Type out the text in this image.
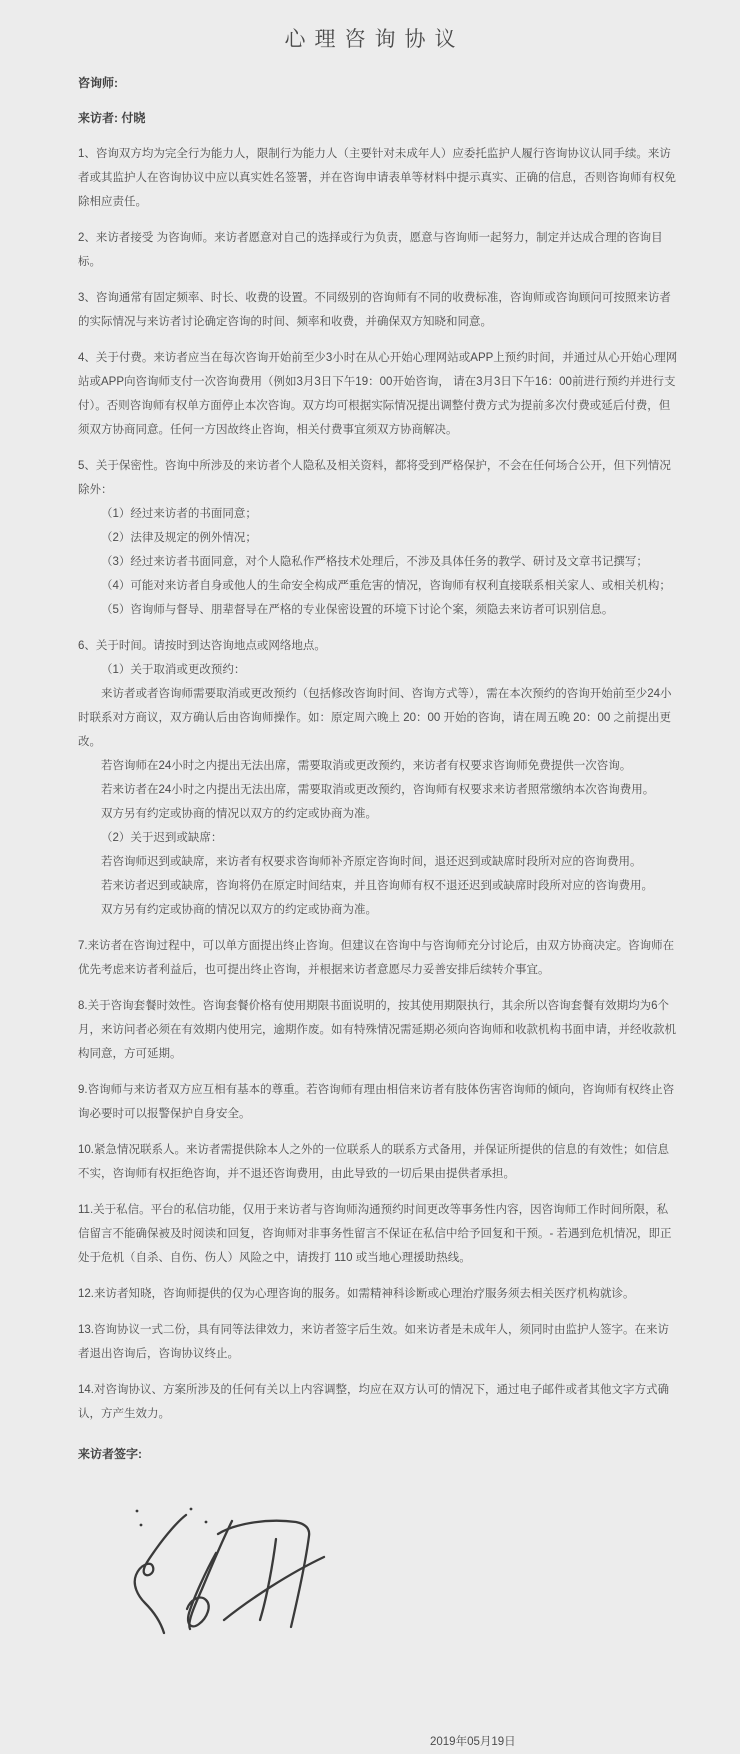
心理咨询协议

咨询师:

来访者: 付晓

1、咨询双方均为完全行为能力人，限制行为能力人（主要针对未成年人）应委托监护人履行咨询协议认同手续。来访者或其监护人在咨询协议中应以真实姓名签署，并在咨询申请表单等材料中提示真实、正确的信息，否则咨询师有权免除相应责任。

2、来访者接受 为咨询师。来访者愿意对自己的选择或行为负责，愿意与咨询师一起努力，制定并达成合理的咨询目标。

3、咨询通常有固定频率、时长、收费的设置。不同级别的咨询师有不同的收费标准，咨询师或咨询顾问可按照来访者的实际情况与来访者讨论确定咨询的时间、频率和收费，并确保双方知晓和同意。

4、关于付费。来访者应当在每次咨询开始前至少3小时在从心开始心理网站或APP上预约时间，并通过从心开始心理网站或APP向咨询师支付一次咨询费用（例如3月3日下午19：00开始咨询， 请在3月3日下午16：00前进行预约并进行支付）。否则咨询师有权单方面停止本次咨询。双方均可根据实际情况提出调整付费方式为提前多次付费或延后付费，但须双方协商同意。任何一方因故终止咨询，相关付费事宜须双方协商解决。

5、关于保密性。咨询中所涉及的来访者个人隐私及相关资料，都将受到严格保护，不会在任何场合公开，但下列情况除外：

（1）经过来访者的书面同意；

（2）法律及规定的例外情况；

（3）经过来访者书面同意，对个人隐私作严格技术处理后，不涉及具体任务的教学、研讨及文章书记撰写；

（4）可能对来访者自身或他人的生命安全构成严重危害的情况，咨询师有权利直接联系相关家人、或相关机构；

（5）咨询师与督导、朋辈督导在严格的专业保密设置的环境下讨论个案，须隐去来访者可识别信息。

6、关于时间。请按时到达咨询地点或网络地点。

（1）关于取消或更改预约：

来访者或者咨询师需要取消或更改预约（包括修改咨询时间、咨询方式等），需在本次预约的咨询开始前至少24小时联系对方商议，双方确认后由咨询师操作。如：原定周六晚上 20：00 开始的咨询，请在周五晚 20：00 之前提出更改。

若咨询师在24小时之内提出无法出席，需要取消或更改预约，来访者有权要求咨询师免费提供一次咨询。

若来访者在24小时之内提出无法出席，需要取消或更改预约，咨询师有权要求来访者照常缴纳本次咨询费用。

双方另有约定或协商的情况以双方的约定或协商为准。

（2）关于迟到或缺席：

若咨询师迟到或缺席，来访者有权要求咨询师补齐原定咨询时间，退还迟到或缺席时段所对应的咨询费用。

若来访者迟到或缺席，咨询将仍在原定时间结束，并且咨询师有权不退还迟到或缺席时段所对应的咨询费用。

双方另有约定或协商的情况以双方的约定或协商为准。

7.来访者在咨询过程中，可以单方面提出终止咨询。但建议在咨询中与咨询师充分讨论后，由双方协商决定。咨询师在优先考虑来访者利益后，也可提出终止咨询，并根据来访者意愿尽力妥善安排后续转介事宜。

8.关于咨询套餐时效性。咨询套餐价格有使用期限书面说明的，按其使用期限执行，其余所以咨询套餐有效期均为6个月，来访问者必须在有效期内使用完，逾期作废。如有特殊情况需延期必须向咨询师和收款机构书面申请，并经收款机构同意，方可延期。

9.咨询师与来访者双方应互相有基本的尊重。若咨询师有理由相信来访者有肢体伤害咨询师的倾向，咨询师有权终止咨询必要时可以报警保护自身安全。

10.紧急情况联系人。来访者需提供除本人之外的一位联系人的联系方式备用，并保证所提供的信息的有效性；如信息不实，咨询师有权拒绝咨询，并不退还咨询费用，由此导致的一切后果由提供者承担。

11.关于私信。平台的私信功能，仅用于来访者与咨询师沟通预约时间更改等事务性内容，因咨询师工作时间所限，私信留言不能确保被及时阅读和回复，咨询师对非事务性留言不保证在私信中给予回复和干预。- 若遇到危机情况，即正处于危机（自杀、自伤、伤人）风险之中，请拨打 110 或当地心理援助热线。

12.来访者知晓，咨询师提供的仅为心理咨询的服务。如需精神科诊断或心理治疗服务须去相关医疗机构就诊。

13.咨询协议一式二份，具有同等法律效力，来访者签字后生效。如来访者是未成年人，须同时由监护人签字。在来访者退出咨询后，咨询协议终止。

14.对咨询协议、方案所涉及的任何有关以上内容调整，均应在双方认可的情况下，通过电子邮件或者其他文字方式确认，方产生效力。

来访者签字:

2019年05月19日
